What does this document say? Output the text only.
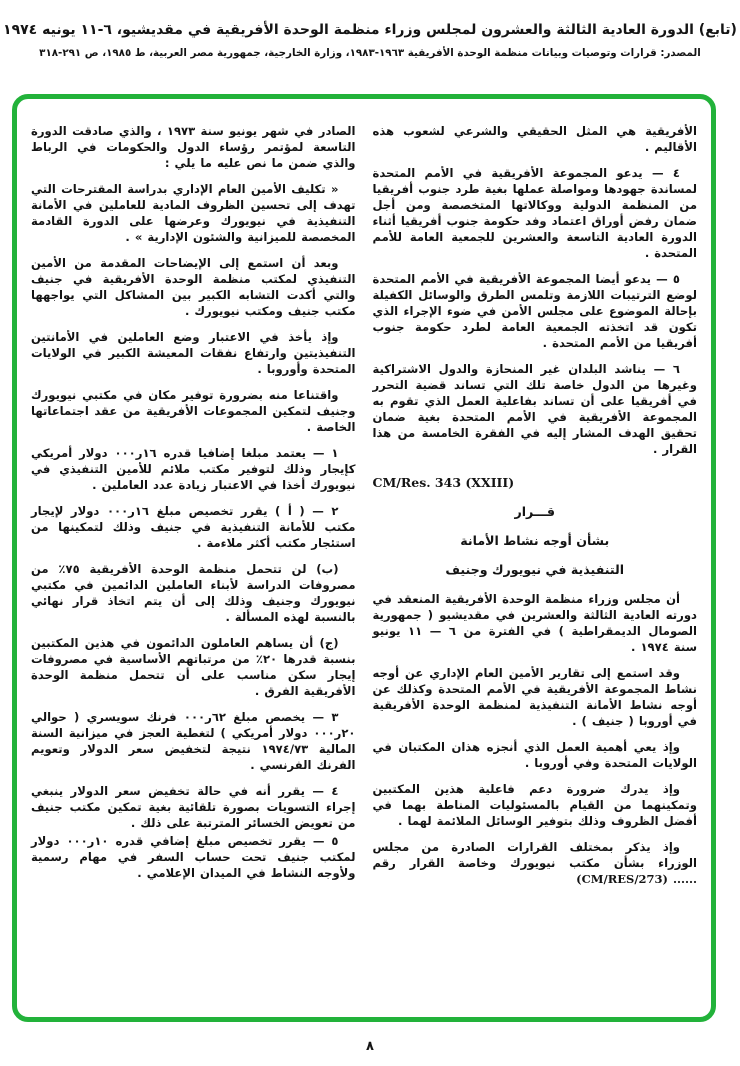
(تابع) الدورة العادية الثالثة والعشرون لمجلس وزراء منظمة الوحدة الأفريقية في مقديشيو، ٦-١١ يونيه ١٩٧٤
المصدر: قرارات وتوصيات وبيانات منظمة الوحدة الأفريقية ١٩٦٣-١٩٨٣، وزارة الخارجية، جمهورية مصر العربية، ط ١٩٨٥، ص ٢٩١-٣١٨

الأفريقية هي المثل الحقيقي والشرعي لشعوب هذه الأقاليم .

٤ — يدعو المجموعة الأفريقية في الأمم المتحدة لمساندة جهودها ومواصلة عملها بغية طرد جنوب أفريقيا من المنظمة الدولية ووكالاتها المتخصصة ومن أجل ضمان رفض أوراق اعتماد وفد حكومة جنوب أفريقيا أثناء الدورة العادية التاسعة والعشرين للجمعية العامة للأمم المتحدة .

٥ — يدعو أيضا المجموعة الأفريقية في الأمم المتحدة لوضع الترتيبات اللازمة وتلمس الطرق والوسائل الكفيلة بإحالة الموضوع على مجلس الأمن في ضوء الإجراء الذي تكون قد اتخذته الجمعية العامة لطرد حكومة جنوب أفريقيا من الأمم المتحدة .

٦ — يناشد البلدان غير المنحازة والدول الاشتراكية وغيرها من الدول خاصة تلك التي تساند قضية التحرر في أفريقيا على أن تساند بفاعلية العمل الذي تقوم به المجموعة الأفريقية في الأمم المتحدة بغية ضمان تحقيق الهدف المشار إليه في الفقرة الخامسة من هذا القرار .

CM/Res. 343 (XXIII)

قـــرار
بشأن أوجه نشاط الأمانة
التنفيذية في نيويورك وجنيف

أن مجلس وزراء منظمة الوحدة الأفريقية المنعقد في دورته العادية الثالثة والعشرين في مقديشيو ( جمهورية الصومال الديمقراطية ) في الفترة من ٦ — ١١ يونيو سنة ١٩٧٤ .

وقد استمع إلى تقارير الأمين العام الإداري عن أوجه نشاط المجموعة الأفريقية في الأمم المتحدة وكذلك عن أوجه نشاط الأمانة التنفيذية لمنظمة الوحدة الأفريقية في أوروبا ( جنيف ) .

وإذ يعي أهمية العمل الذي أنجزه هذان المكتبان في الولايات المتحدة وفي أوروبا .

وإذ يدرك ضرورة دعم فاعلية هذين المكتبين وتمكينهما من القيام بالمسئوليات المناطة بهما في أفضل الظروف وذلك بتوفير الوسائل الملائمة لهما .

وإذ يذكر بمختلف القرارات الصادرة من مجلس الوزراء بشأن مكتب نيويورك وخاصة القرار رقم (CM/RES/273) ......

الصادر في شهر يونيو سنة ١٩٧٣ ، والذي صادقت الدورة التاسعة لمؤتمر رؤساء الدول والحكومات في الرباط والذي ضمن ما نص عليه ما يلي :

« تكليف الأمين العام الإداري بدراسة المقترحات التي تهدف إلى تحسين الظروف المادية للعاملين في الأمانة التنفيذية في نيويورك وعرضها على الدورة القادمة المخصصة للميزانية والشئون الإدارية » .

وبعد أن استمع إلى الإيضاحات المقدمة من الأمين التنفيذي لمكتب منظمة الوحدة الأفريقية في جنيف والتي أكدت التشابه الكبير بين المشاكل التي يواجهها مكتب جنيف ومكتب نيويورك .

وإذ يأخذ في الاعتبار وضع العاملين في الأمانتين التنفيذيتين وارتفاع نفقات المعيشة الكبير في الولايات المتحدة وأوروبا .

واقتناعا منه بضرورة توفير مكان في مكتبي نيويورك وجنيف لتمكين المجموعات الأفريقية من عقد اجتماعاتها الخاصة .

١ — يعتمد مبلغا إضافيا قدره ١٦ر٠٠٠ دولار أمريكي كإيجار وذلك لتوفير مكتب ملائم للأمين التنفيذي في نيويورك أخذا في الاعتبار زيادة عدد العاملين .

٢ — ( أ ) يقرر تخصيص مبلغ ١٦ر٠٠٠ دولار لإيجار مكتب للأمانة التنفيذية في جنيف وذلك لتمكينها من استئجار مكتب أكثر ملاءمة .

(ب) لن تتحمل منظمة الوحدة الأفريقية ٧٥٪ من مصروفات الدراسة لأبناء العاملين الدائمين في مكتبي نيويورك وجنيف وذلك إلى أن يتم اتخاذ قرار نهائي بالنسبة لهذه المسألة .

(ج) أن يساهم العاملون الدائمون في هذين المكتبين بنسبة قدرها ٢٠٪ من مرتباتهم الأساسية في مصروفات إيجار سكن مناسب على أن تتحمل منظمة الوحدة الأفريقية الفرق .

٣ — يخصص مبلغ ٦٢ر٠٠٠ فرنك سويسري ( حوالي ٢٠ر٠٠٠ دولار أمريكي ) لتغطية العجز في ميزانية السنة المالية ١٩٧٤/٧٣ نتيجة لتخفيض سعر الدولار وتعويم الفرنك الفرنسي .

٤ — يقرر أنه في حالة تخفيض سعر الدولار ينبغي إجراء التسويات بصورة تلقائية بغية تمكين مكتب جنيف من تعويض الخسائر المترتبة على ذلك .

٥ — يقرر تخصيص مبلغ إضافي قدره ١٠ر٠٠٠ دولار لمكتب جنيف تحت حساب السفر في مهام رسمية ولأوجه النشاط في الميدان الإعلامي .

٨
